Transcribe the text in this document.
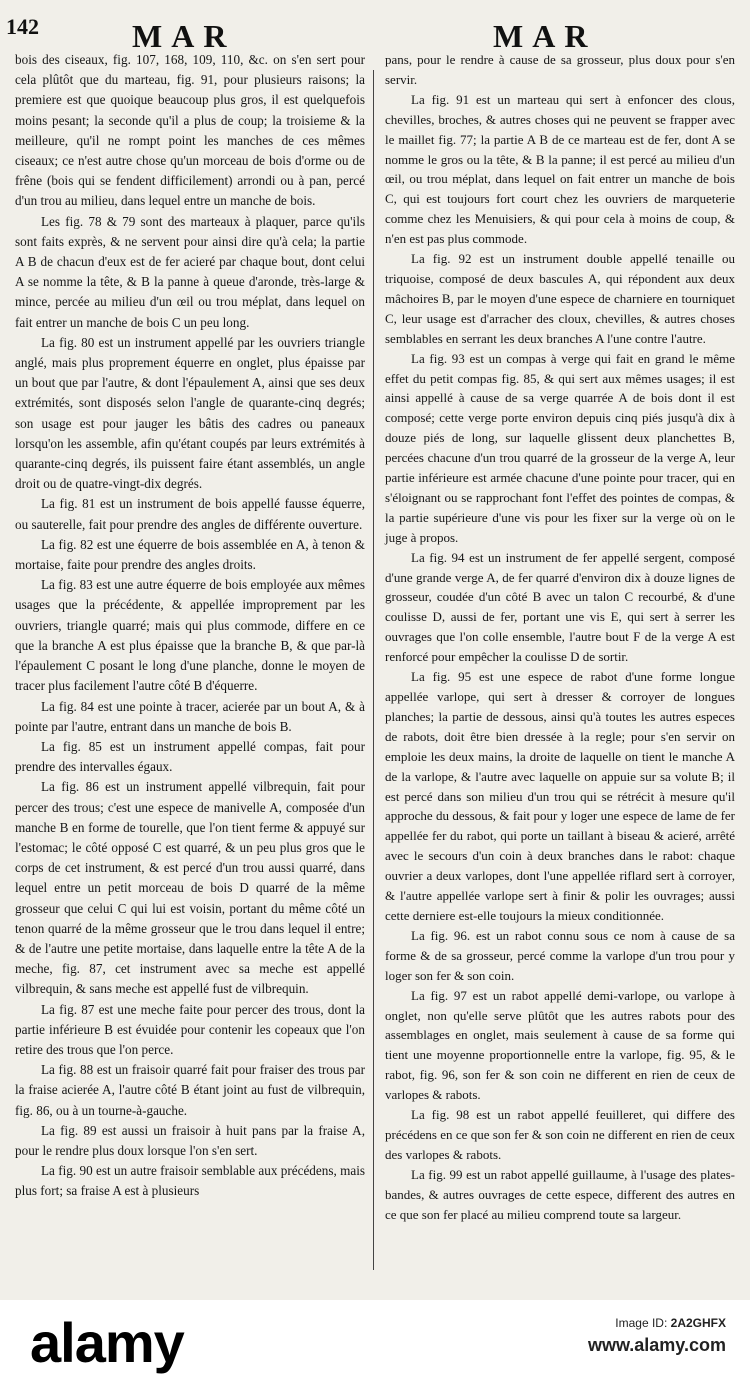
142	MAR	MAR

bois des ciseaux, fig. 107, 168, 109, 110, &c. on s'en sert pour cela plûtôt que du marteau, fig. 91, pour plusieurs raisons; la premiere est que quoique beaucoup plus gros, il est quelquefois moins pesant; la seconde qu'il a plus de coup; la troisieme & la meilleure, qu'il ne rompt point les manches de ces mêmes ciseaux; ce n'est autre chose qu'un morceau de bois d'orme ou de frêne (bois qui se fendent difficilement) arrondi ou à pan, percé d'un trou au milieu, dans lequel entre un manche de bois.

Les fig. 78 & 79 sont des marteaux à plaquer, parce qu'ils sont faits exprès, & ne servent pour ainsi dire qu'à cela; la partie A B de chacun d'eux est de fer acieré par chaque bout, dont celui A se nomme la tête, & B la panne à queue d'aronde, très-large & mince, percée au milieu d'un œil ou trou méplat, dans lequel on fait entrer un manche de bois C un peu long.

La fig. 80 est un instrument appellé par les ouvriers triangle anglé, mais plus proprement équerre en onglet, plus épaisse par un bout que par l'autre, & dont l'épaulement A, ainsi que ses deux extrémités, sont disposés selon l'angle de quarante-cinq degrés; son usage est pour jauger les bâtis des cadres ou paneaux lorsqu'on les assemble, afin qu'étant coupés par leurs extrémités à quarante-cinq degrés, ils puissent faire étant assemblés, un angle droit ou de quatre-vingt-dix degrés.

La fig. 81 est un instrument de bois appellé fausse équerre, ou sauterelle, fait pour prendre des angles de différente ouverture.

La fig. 82 est une équerre de bois assemblée en A, à tenon & mortaise, faite pour prendre des angles droits.

La fig. 83 est une autre équerre de bois employée aux mêmes usages que la précédente, & appellée improprement par les ouvriers, triangle quarré; mais qui plus commode, differe en ce que la branche A est plus épaisse que la branche B, & que par-là l'épaulement C posant le long d'une planche, donne le moyen de tracer plus facilement l'autre côté B d'équerre.

La fig. 84 est une pointe à tracer, acierée par un bout A, & à pointe par l'autre, entrant dans un manche de bois B.

La fig. 85 est un instrument appellé compas, fait pour prendre des intervalles égaux.

La fig. 86 est un instrument appellé vilbrequin, fait pour percer des trous; c'est une espece de manivelle A, composée d'un manche B en forme de tourelle, que l'on tient ferme & appuyé sur l'estomac; le côté opposé C est quarré, & un peu plus gros que le corps de cet instrument, & est percé d'un trou aussi quarré, dans lequel entre un petit morceau de bois D quarré de la même grosseur que celui C qui lui est voisin, portant du même côté un tenon quarré de la même grosseur que le trou dans lequel il entre; & de l'autre une petite mortaise, dans laquelle entre la tête A de la meche, fig. 87, cet instrument avec sa meche est appellé vilbrequin, & sans meche est appellé fust de vilbrequin.

La fig. 87 est une meche faite pour percer des trous, dont la partie inférieure B est évuidée pour contenir les copeaux que l'on retire des trous que l'on perce.

La fig. 88 est un fraisoir quarré fait pour fraiser des trous par la fraise acierée A, l'autre côté B étant joint au fust de vilbrequin, fig. 86, ou à un tourne-à-gauche.

La fig. 89 est aussi un fraisoir à huit pans par la fraise A, pour le rendre plus doux lorsque l'on s'en sert.

La fig. 90 est un autre fraisoir semblable aux précédens, mais plus fort; sa fraise A est à plusieurs

pans, pour le rendre à cause de sa grosseur, plus doux pour s'en servir.

La fig. 91 est un marteau qui sert à enfoncer des clous, chevilles, broches, & autres choses qui ne peuvent se frapper avec le maillet fig. 77; la partie A B de ce marteau est de fer, dont A se nomme le gros ou la tête, & B la panne; il est percé au milieu d'un œil, ou trou méplat, dans lequel on fait entrer un manche de bois C, qui est toujours fort court chez les ouvriers de marqueterie comme chez les Menuisiers, & qui pour cela à moins de coup, & n'en est pas plus commode.

La fig. 92 est un instrument double appellé tenaille ou triquoise, composé de deux bascules A, qui répondent aux deux mâchoires B, par le moyen d'une espece de charniere en tourniquet C, leur usage est d'arracher des cloux, chevilles, & autres choses semblables en serrant les deux branches A l'une contre l'autre.

La fig. 93 est un compas à verge qui fait en grand le même effet du petit compas fig. 85, & qui sert aux mêmes usages; il est ainsi appellé à cause de sa verge quarrée A de bois dont il est composé; cette verge porte environ depuis cinq piés jusqu'à dix à douze piés de long, sur laquelle glissent deux planchettes B, percées chacune d'un trou quarré de la grosseur de la verge A, leur partie inférieure est armée chacune d'une pointe pour tracer, qui en s'éloignant ou se rapprochant font l'effet des pointes de compas, & la partie supérieure d'une vis pour les fixer sur la verge où on le juge à propos.

La fig. 94 est un instrument de fer appellé sergent, composé d'une grande verge A, de fer quarré d'environ dix à douze lignes de grosseur, coudée d'un côté B avec un talon C recourbé, & d'une coulisse D, aussi de fer, portant une vis E, qui sert à serrer les ouvrages que l'on colle ensemble, l'autre bout F de la verge A est renforcé pour empêcher la coulisse D de sortir.

La fig. 95 est une espece de rabot d'une forme longue appellée varlope, qui sert à dresser & corroyer de longues planches; la partie de dessous, ainsi qu'à toutes les autres especes de rabots, doit être bien dressée à la regle; pour s'en servir on emploie les deux mains, la droite de laquelle on tient le manche A de la varlope, & l'autre avec laquelle on appuie sur sa volute B; il est percé dans son milieu d'un trou qui se rétrécit à mesure qu'il approche du dessous, & fait pour y loger une espece de lame de fer appellée fer du rabot, qui porte un taillant à biseau & acieré, arrêté avec le secours d'un coin à deux branches dans le rabot: chaque ouvrier a deux varlopes, dont l'une appellée riflard sert à corroyer, & l'autre appellée varlope sert à finir & polir les ouvrages; aussi cette derniere est-elle toujours la mieux conditionnée.

La fig. 96. est un rabot connu sous ce nom à cause de sa forme & de sa grosseur, percé comme la varlope d'un trou pour y loger son fer & son coin.

La fig. 97 est un rabot appellé demi-varlope, ou varlope à onglet, non qu'elle serve plûtôt que les autres rabots pour des assemblages en onglet, mais seulement à cause de sa forme qui tient une moyenne proportionnelle entre la varlope, fig. 95, & le rabot, fig. 96, son fer & son coin ne different en rien de ceux de varlopes & rabots.

La fig. 98 est un rabot appellé feuilleret, qui differe des précédens en ce que son fer & son coin ne different en rien de ceux des varlopes & rabots.

La fig. 99 est un rabot appellé guillaume, à l'usage des plates-bandes, & autres ouvrages de cette espece, different des autres en ce que son fer placé au milieu comprend toute sa largeur.

alamy	Image ID: 2A2GHFX
www.alamy.com
